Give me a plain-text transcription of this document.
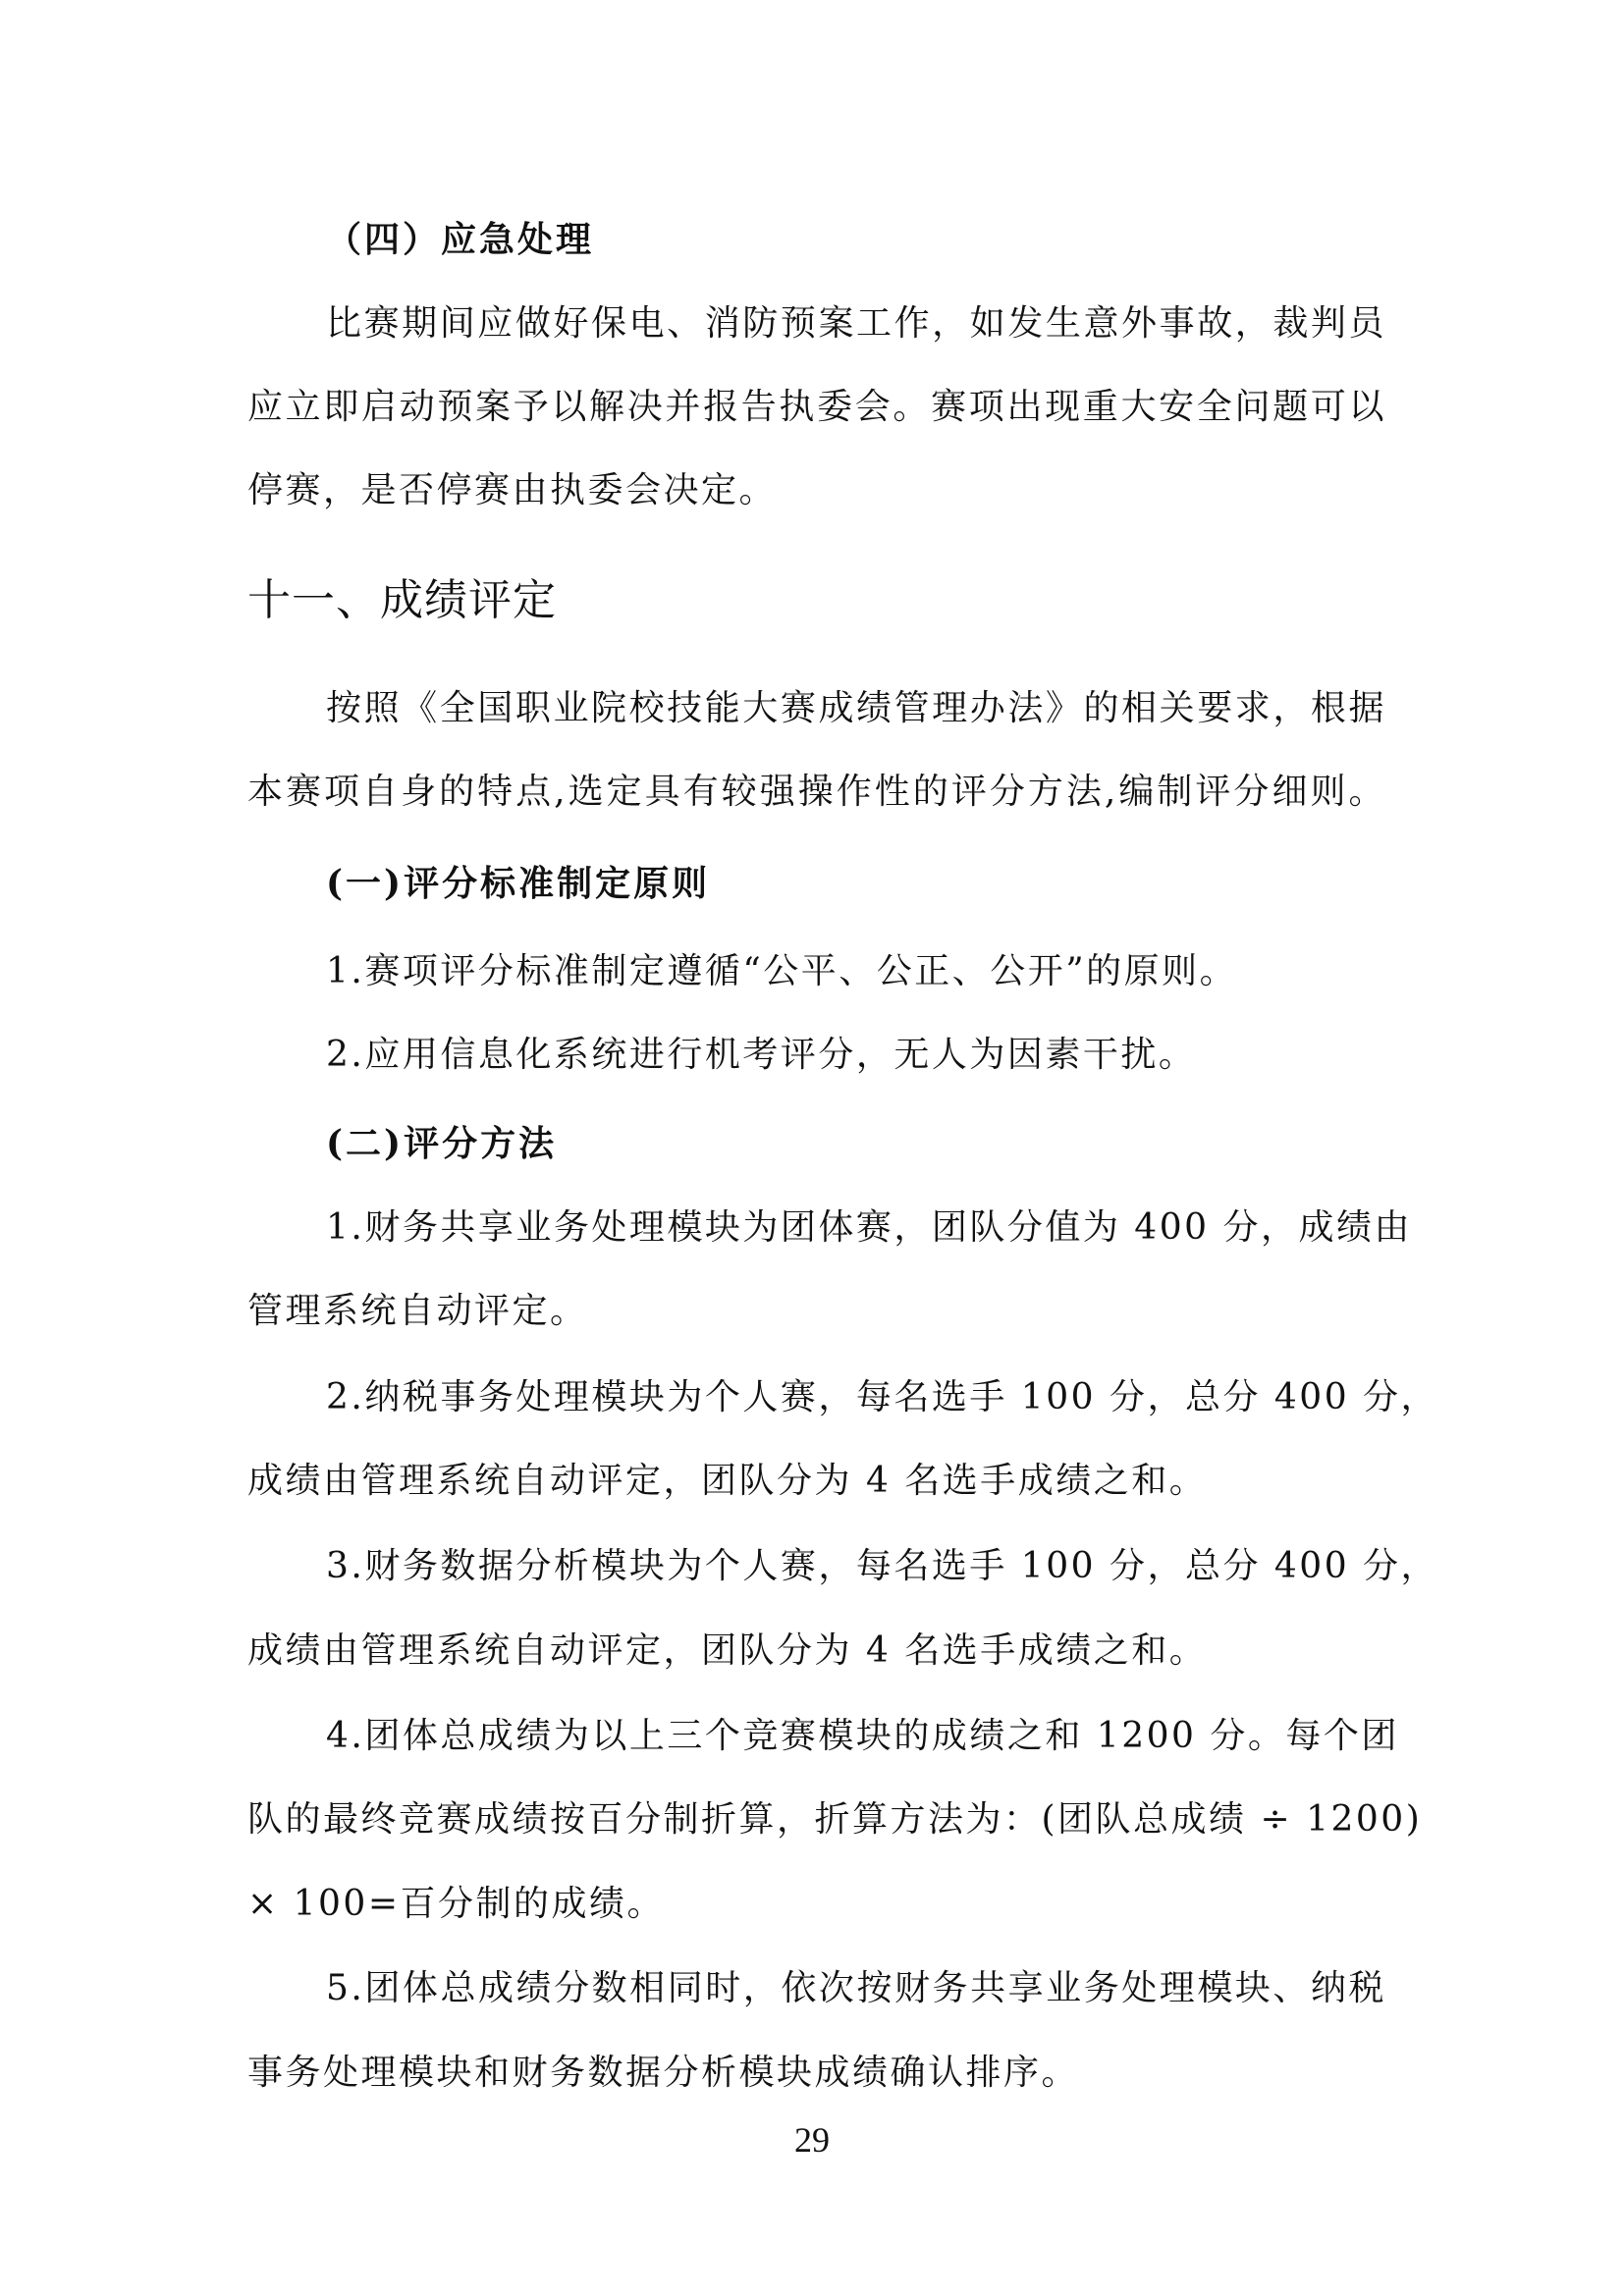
（四）应急处理
比赛期间应做好保电、消防预案工作，如发生意外事故，裁判员
应立即启动预案予以解决并报告执委会。赛项出现重大安全问题可以
停赛，是否停赛由执委会决定。
十一、成绩评定
按照《全国职业院校技能大赛成绩管理办法》的相关要求，根据
本赛项自身的特点,选定具有较强操作性的评分方法,编制评分细则。
(一)评分标准制定原则
1.赛项评分标准制定遵循“公平、公正、公开”的原则。
2.应用信息化系统进行机考评分，无人为因素干扰。
(二)评分方法
1.财务共享业务处理模块为团体赛，团队分值为 400 分，成绩由
管理系统自动评定。
2.纳税事务处理模块为个人赛，每名选手 100 分，总分 400 分，
成绩由管理系统自动评定，团队分为 4 名选手成绩之和。
3.财务数据分析模块为个人赛，每名选手 100 分，总分 400 分，
成绩由管理系统自动评定，团队分为 4 名选手成绩之和。
4.团体总成绩为以上三个竞赛模块的成绩之和 1200 分。每个团
队的最终竞赛成绩按百分制折算，折算方法为：(团队总成绩 ÷ 1200)
× 100=百分制的成绩。
5.团体总成绩分数相同时，依次按财务共享业务处理模块、纳税
事务处理模块和财务数据分析模块成绩确认排序。
29
